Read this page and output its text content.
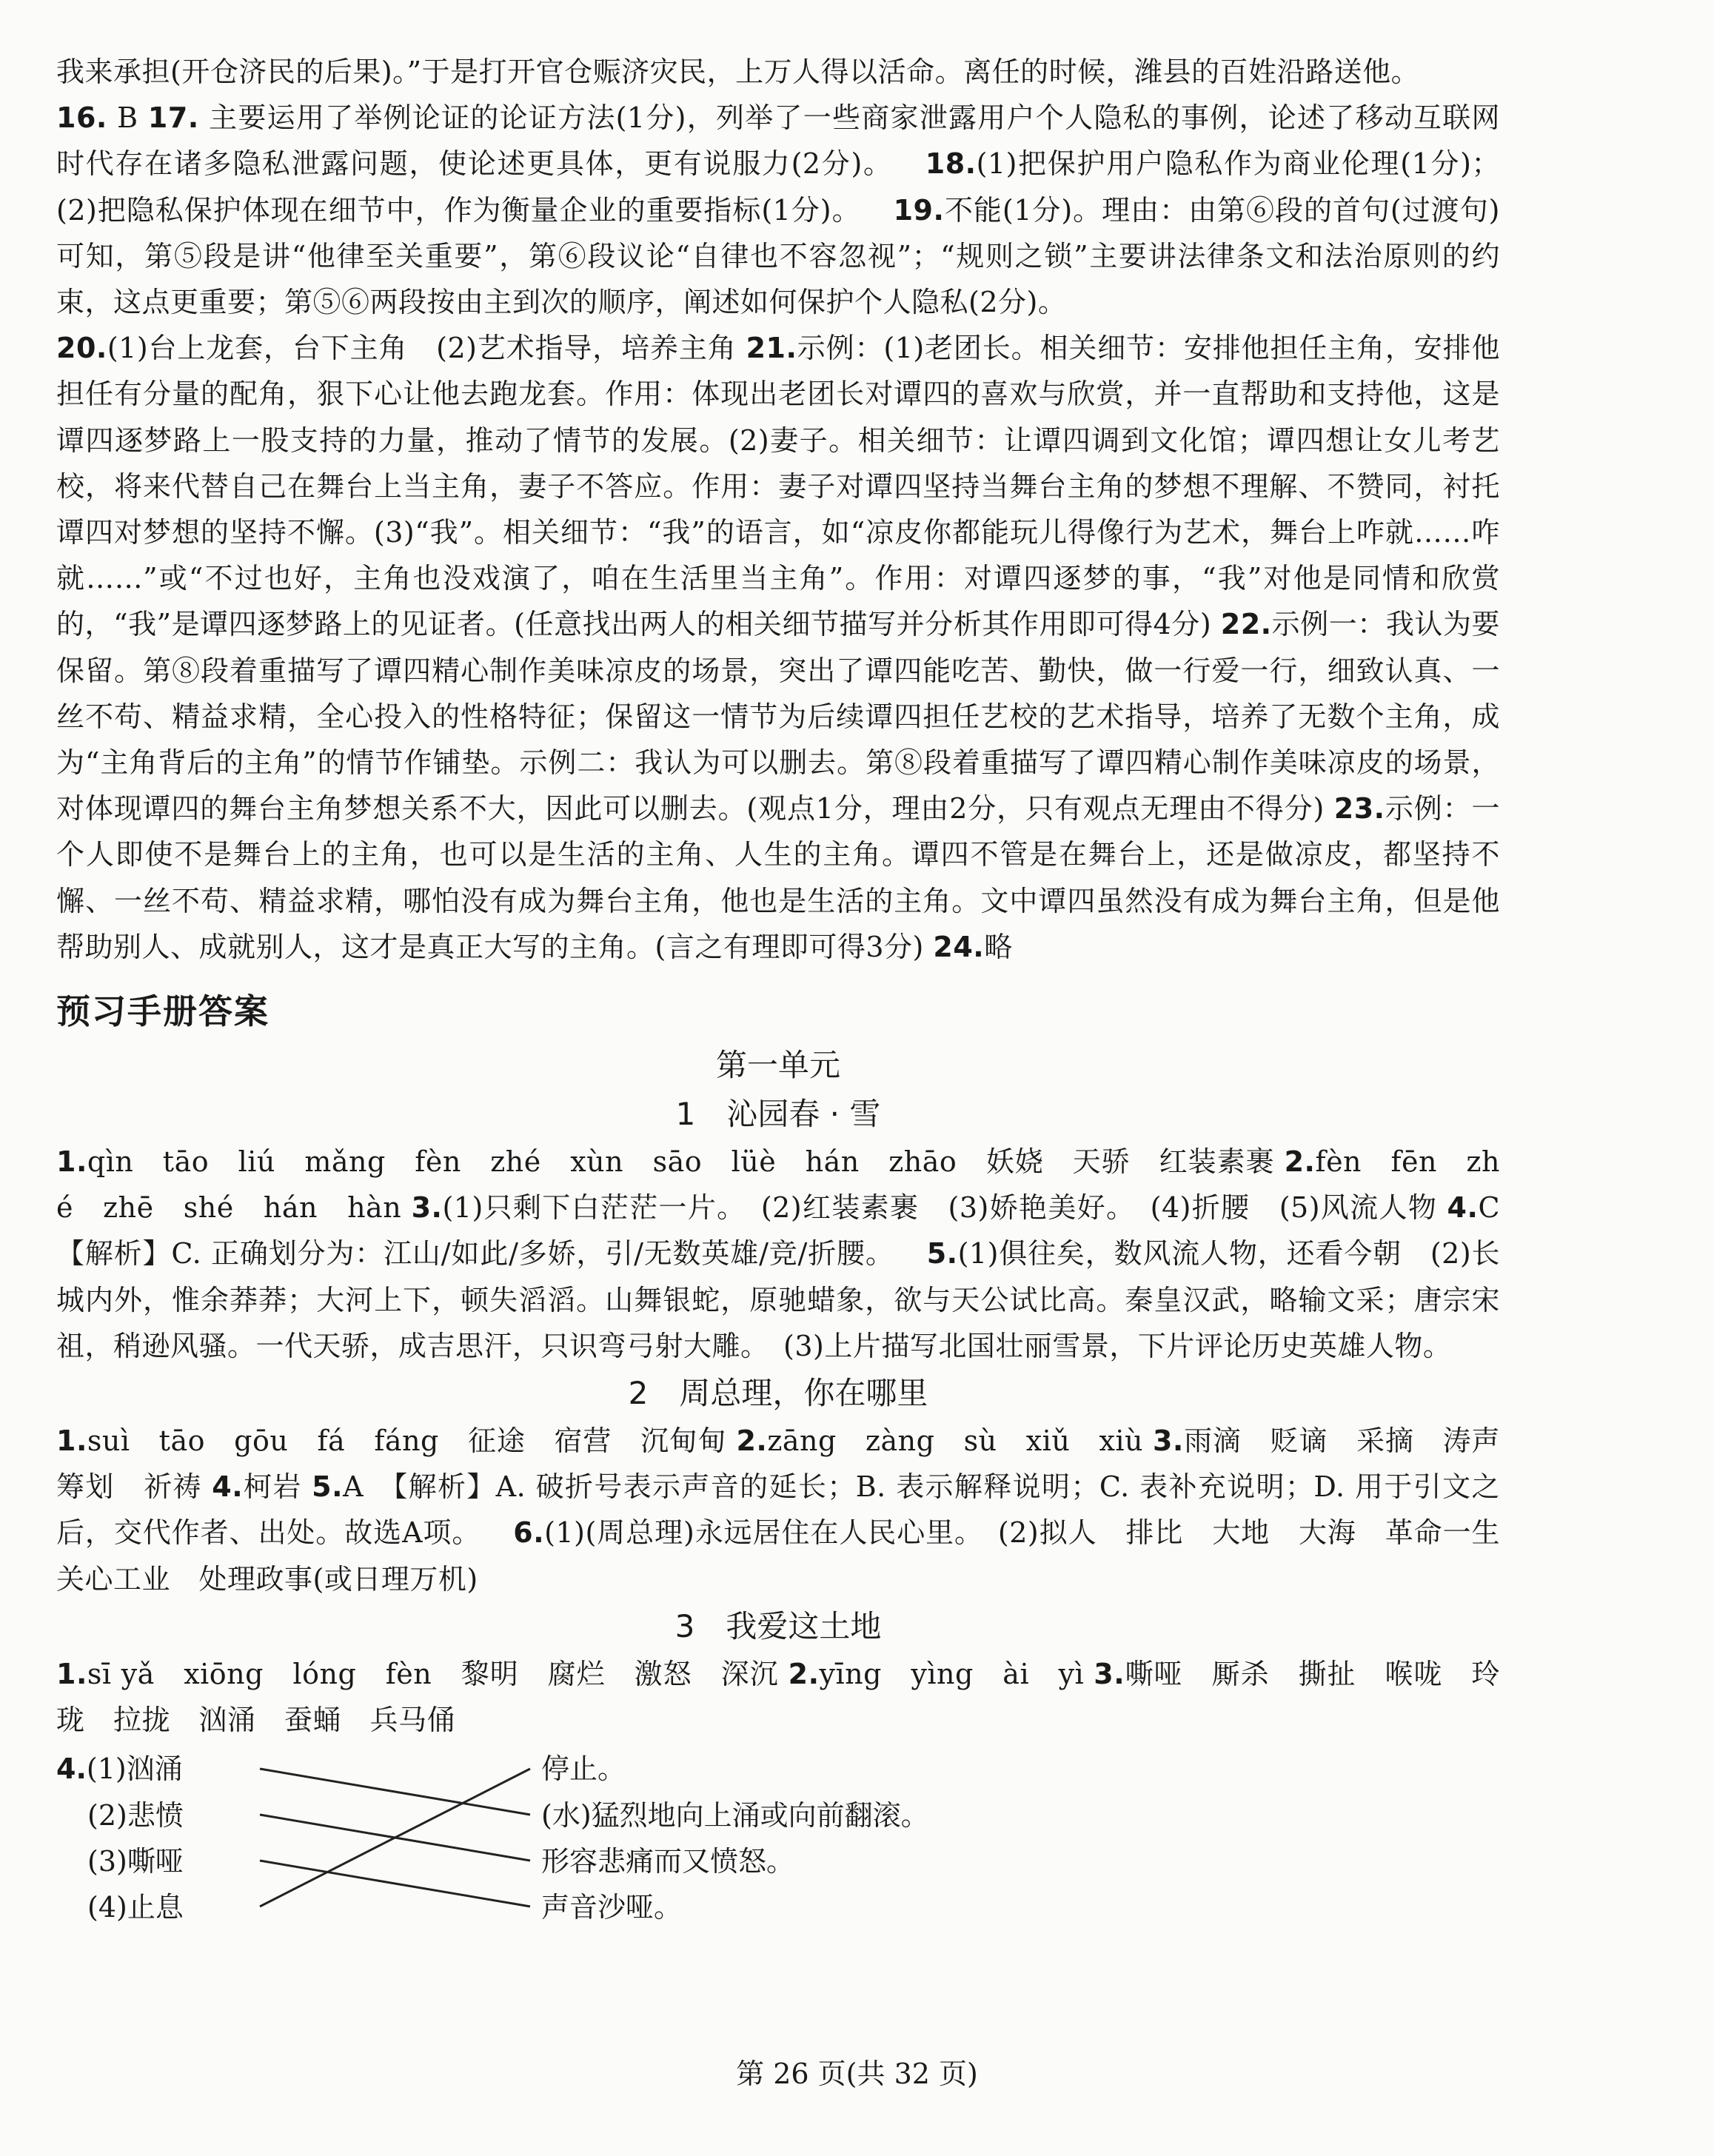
我来承担(开仓济民的后果)。”于是打开官仓赈济灾民，上万人得以活命。离任的时候，潍县的百姓沿路送他。

16. B 17. 主要运用了举例论证的论证方法(1分)，列举了一些商家泄露用户个人隐私的事例，论述了移动互联网时代存在诸多隐私泄露问题，使论述更具体，更有说服力(2分)。 18.(1)把保护用户隐私作为商业伦理(1分)；(2)把隐私保护体现在细节中，作为衡量企业的重要指标(1分)。 19.不能(1分)。理由：由第⑥段的首句(过渡句)可知，第⑤段是讲“他律至关重要”，第⑥段议论“自律也不容忽视”；“规则之锁”主要讲法律条文和法治原则的约束，这点更重要；第⑤⑥两段按由主到次的顺序，阐述如何保护个人隐私(2分)。

20.(1)台上龙套，台下主角　(2)艺术指导，培养主角 21.示例：(1)老团长。相关细节：安排他担任主角，安排他担任有分量的配角，狠下心让他去跑龙套。作用：体现出老团长对谭四的喜欢与欣赏，并一直帮助和支持他，这是谭四逐梦路上一股支持的力量，推动了情节的发展。(2)妻子。相关细节：让谭四调到文化馆；谭四想让女儿考艺校，将来代替自己在舞台上当主角，妻子不答应。作用：妻子对谭四坚持当舞台主角的梦想不理解、不赞同，衬托谭四对梦想的坚持不懈。(3)“我”。相关细节：“我”的语言，如“凉皮你都能玩儿得像行为艺术，舞台上咋就……咋就……”或“不过也好，主角也没戏演了，咱在生活里当主角”。作用：对谭四逐梦的事，“我”对他是同情和欣赏的，“我”是谭四逐梦路上的见证者。(任意找出两人的相关细节描写并分析其作用即可得4分) 22.示例一：我认为要保留。第⑧段着重描写了谭四精心制作美味凉皮的场景，突出了谭四能吃苦、勤快，做一行爱一行，细致认真、一丝不苟、精益求精，全心投入的性格特征；保留这一情节为后续谭四担任艺校的艺术指导，培养了无数个主角，成为“主角背后的主角”的情节作铺垫。示例二：我认为可以删去。第⑧段着重描写了谭四精心制作美味凉皮的场景，对体现谭四的舞台主角梦想关系不大，因此可以删去。(观点1分，理由2分，只有观点无理由不得分) 23.示例：一个人即使不是舞台上的主角，也可以是生活的主角、人生的主角。谭四不管是在舞台上，还是做凉皮，都坚持不懈、一丝不苟、精益求精，哪怕没有成为舞台主角，他也是生活的主角。文中谭四虽然没有成为舞台主角，但是他帮助别人、成就别人，这才是真正大写的主角。(言之有理即可得3分) 24.略

预习手册答案

第一单元

1　沁园春 · 雪

1.qìn　tāo　liú　mǎng　fèn　zhé　xùn　sāo　lüè　hán　zhāo　妖娆　天骄　红装素裹 2.fèn　fēn　zhé　zhē　shé　hán　hàn 3.(1)只剩下白茫茫一片。　(2)红装素裹　(3)娇艳美好。　(4)折腰　(5)风流人物 4.C　【解析】C. 正确划分为：江山/如此/多娇，引/无数英雄/竞/折腰。 5.(1)俱往矣，数风流人物，还看今朝　(2)长城内外，惟余莽莽；大河上下，顿失滔滔。山舞银蛇，原驰蜡象，欲与天公试比高。秦皇汉武，略输文采；唐宗宋祖，稍逊风骚。一代天骄，成吉思汗，只识弯弓射大雕。　(3)上片描写北国壮丽雪景，下片评论历史英雄人物。

2　周总理，你在哪里

1.suì　tāo　gōu　fá　fáng　征途　宿营　沉甸甸 2.zāng　zàng　sù　xiǔ　xiù 3.雨滴　贬谪　采摘　涛声　筹划　祈祷 4.柯岩 5.A　【解析】A. 破折号表示声音的延长；B. 表示解释说明；C. 表补充说明；D. 用于引文之后，交代作者、出处。故选A项。 6.(1)(周总理)永远居住在人民心里。　(2)拟人　排比　大地　大海　革命一生　关心工业　处理政事(或日理万机)

3　我爱这土地

1.sī yǎ　xiōng　lóng　fèn　黎明　腐烂　激怒　深沉 2.yīng　yìng　ài　yì 3.嘶哑　厮杀　撕扯　喉咙　玲珑　拉拢　汹涌　蚕蛹　兵马俑

4.(1)汹涌
(2)悲愤
(3)嘶哑
(4)止息
停止。
(水)猛烈地向上涌或向前翻滚。
形容悲痛而又愤怒。
声音沙哑。
第 26 页(共 32 页)
